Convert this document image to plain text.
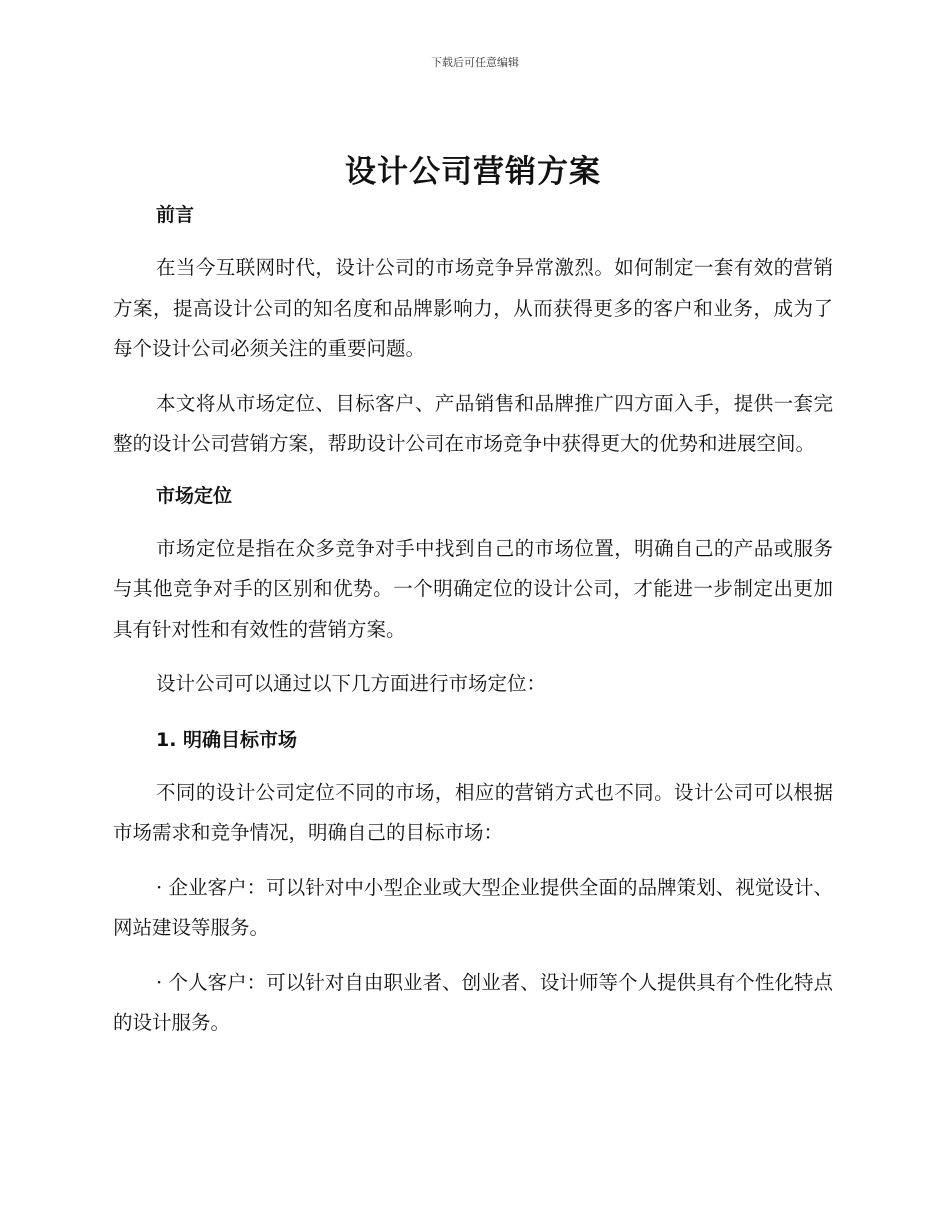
下载后可任意编辑
设计公司营销方案
前言

在当今互联网时代，设计公司的市场竞争异常激烈。如何制定一套有效的营销方案，提高设计公司的知名度和品牌影响力，从而获得更多的客户和业务，成为了每个设计公司必须关注的重要问题。

本文将从市场定位、目标客户、产品销售和品牌推广四方面入手，提供一套完整的设计公司营销方案，帮助设计公司在市场竞争中获得更大的优势和进展空间。

市场定位

市场定位是指在众多竞争对手中找到自己的市场位置，明确自己的产品或服务与其他竞争对手的区别和优势。一个明确定位的设计公司，才能进一步制定出更加具有针对性和有效性的营销方案。

设计公司可以通过以下几方面进行市场定位：

1. 明确目标市场

不同的设计公司定位不同的市场，相应的营销方式也不同。设计公司可以根据市场需求和竞争情况，明确自己的目标市场：

· 企业客户：可以针对中小型企业或大型企业提供全面的品牌策划、视觉设计、网站建设等服务。

· 个人客户：可以针对自由职业者、创业者、设计师等个人提供具有个性化特点的设计服务。
